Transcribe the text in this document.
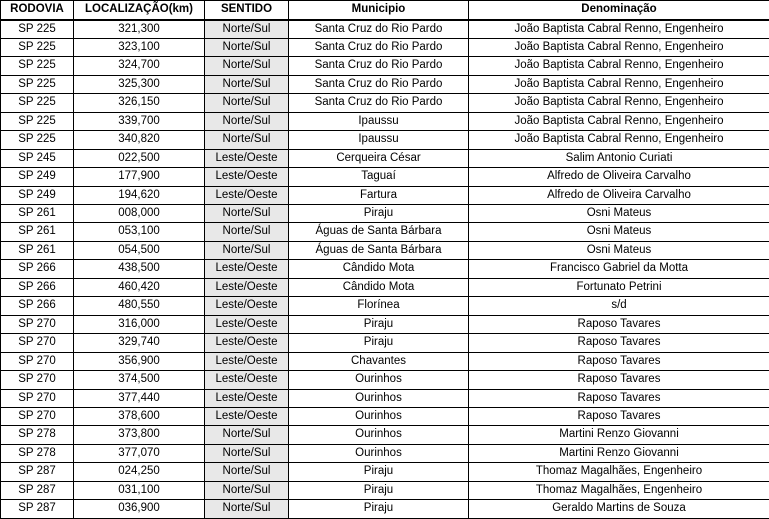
RODOVIA	LOCALIZAÇÃO(km)	SENTIDO	Municipio	Denominação
SP 225	321,300	Norte/Sul	Santa Cruz do Rio Pardo	João Baptista Cabral Renno, Engenheiro
SP 225	323,100	Norte/Sul	Santa Cruz do Rio Pardo	João Baptista Cabral Renno, Engenheiro
SP 225	324,700	Norte/Sul	Santa Cruz do Rio Pardo	João Baptista Cabral Renno, Engenheiro
SP 225	325,300	Norte/Sul	Santa Cruz do Rio Pardo	João Baptista Cabral Renno, Engenheiro
SP 225	326,150	Norte/Sul	Santa Cruz do Rio Pardo	João Baptista Cabral Renno, Engenheiro
SP 225	339,700	Norte/Sul	Ipaussu	João Baptista Cabral Renno, Engenheiro
SP 225	340,820	Norte/Sul	Ipaussu	João Baptista Cabral Renno, Engenheiro
SP 245	022,500	Leste/Oeste	Cerqueira César	Salim Antonio Curiati
SP 249	177,900	Leste/Oeste	Taguaí	Alfredo de Oliveira Carvalho
SP 249	194,620	Leste/Oeste	Fartura	Alfredo de Oliveira Carvalho
SP 261	008,000	Norte/Sul	Piraju	Osni Mateus
SP 261	053,100	Norte/Sul	Águas de Santa Bárbara	Osni Mateus
SP 261	054,500	Norte/Sul	Águas de Santa Bárbara	Osni Mateus
SP 266	438,500	Leste/Oeste	Cândido Mota	Francisco Gabriel da Motta
SP 266	460,420	Leste/Oeste	Cândido Mota	Fortunato Petrini
SP 266	480,550	Leste/Oeste	Florínea	s/d
SP 270	316,000	Leste/Oeste	Piraju	Raposo Tavares
SP 270	329,740	Leste/Oeste	Piraju	Raposo Tavares
SP 270	356,900	Leste/Oeste	Chavantes	Raposo Tavares
SP 270	374,500	Leste/Oeste	Ourinhos	Raposo Tavares
SP 270	377,440	Leste/Oeste	Ourinhos	Raposo Tavares
SP 270	378,600	Leste/Oeste	Ourinhos	Raposo Tavares
SP 278	373,800	Norte/Sul	Ourinhos	Martini Renzo Giovanni
SP 278	377,070	Norte/Sul	Ourinhos	Martini Renzo Giovanni
SP 287	024,250	Norte/Sul	Piraju	Thomaz Magalhães, Engenheiro
SP 287	031,100	Norte/Sul	Piraju	Thomaz Magalhães, Engenheiro
SP 287	036,900	Norte/Sul	Piraju	Geraldo Martins de Souza
